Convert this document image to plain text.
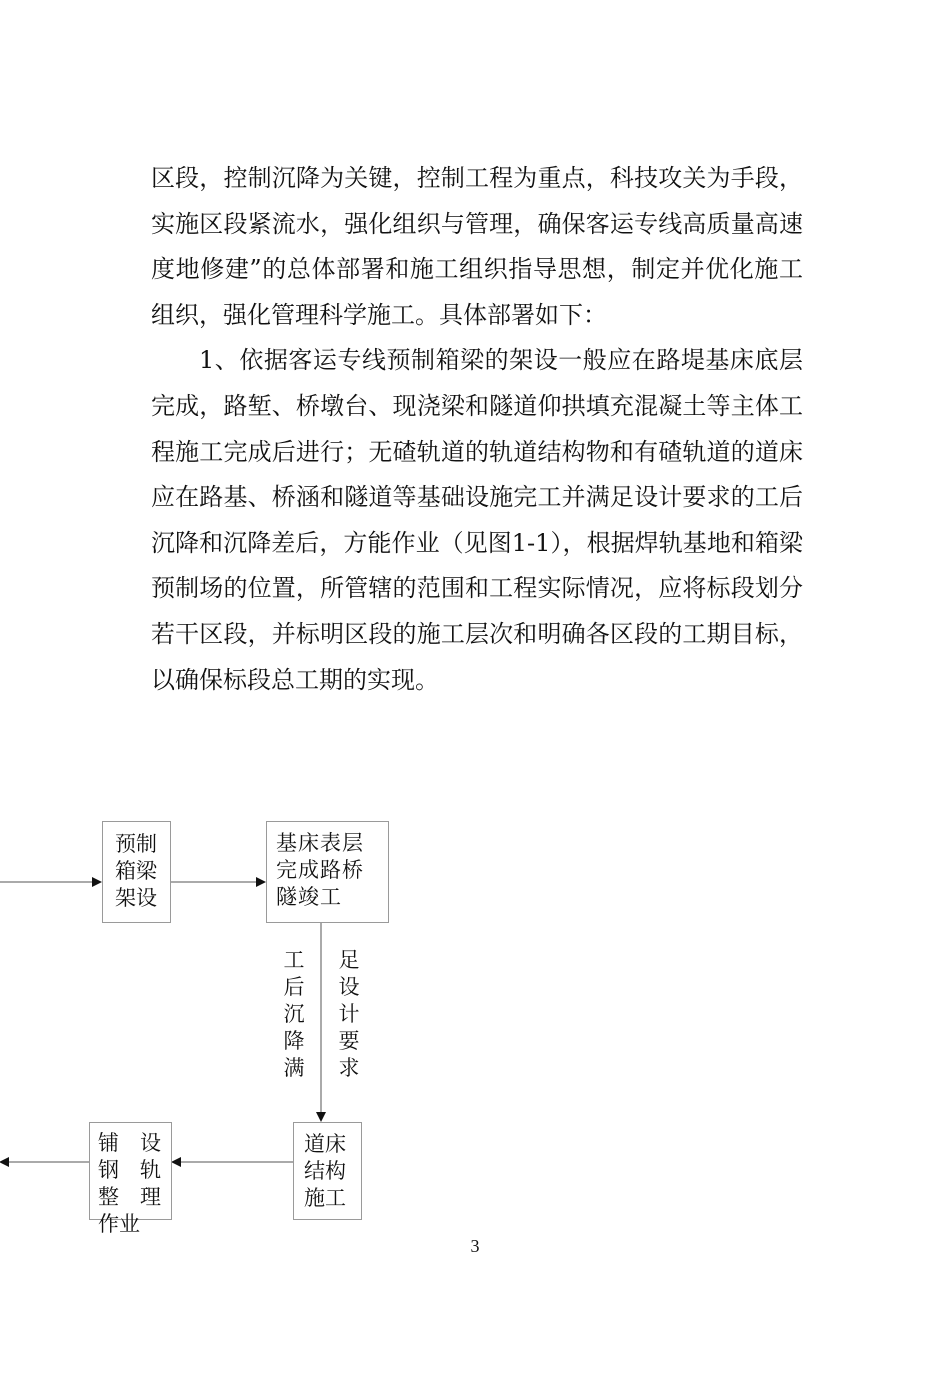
区段，控制沉降为关键，控制工程为重点，科技攻关为手段，实施区段紧流水，强化组织与管理，确保客运专线高质量高速度地修建”的总体部署和施工组织指导思想，制定并优化施工组织，强化管理科学施工。具体部署如下：

1、依据客运专线预制箱梁的架设一般应在路堤基床底层完成，路堑、桥墩台、现浇梁和隧道仰拱填充混凝土等主体工程施工完成后进行；无碴轨道的轨道结构物和有碴轨道的道床应在路基、桥涵和隧道等基础设施完工并满足设计要求的工后沉降和沉降差后，方能作业（见图1-1），根据焊轨基地和箱梁预制场的位置，所管辖的范围和工程实际情况，应将标段划分若干区段，并标明区段的施工层次和明确各区段的工期目标，以确保标段总工期的实现。

预制
箱梁
架设
基床表层
完成路桥
隧竣工
工后沉降满
足设计要求
道床
结构
施工
铺　设
钢　轨
整　理
作业
3
